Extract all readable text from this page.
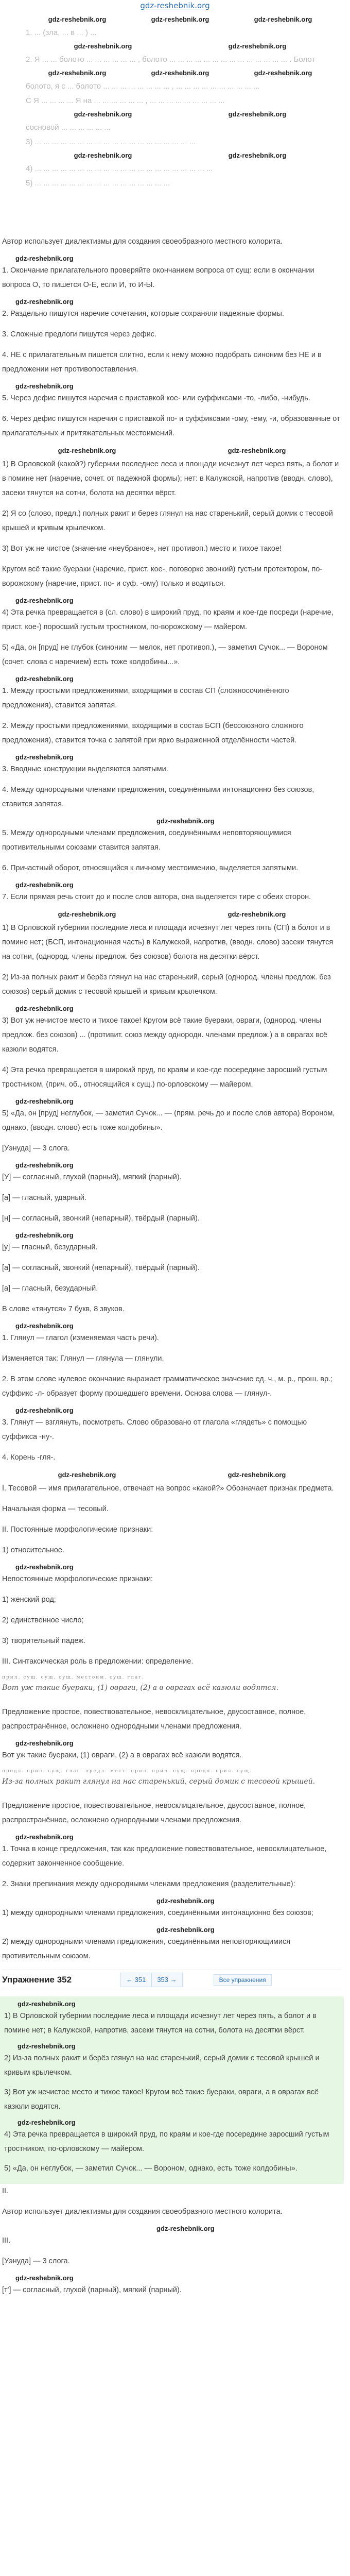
gdz-reshebnik.org
gdz-reshebnik.org	gdz-reshebnik.org	gdz-reshebnik.org

1. ... (зла, ... в ... ) ...

gdz-reshebnik.org	gdz-reshebnik.org

2. Я ... ... болото ... ... ... ... ... ... , болото ... ... ... ... ... ... ... ... ... ... ... ... ... ... . Болот

gdz-reshebnik.org	gdz-reshebnik.org	gdz-reshebnik.org

болото, я с ... болото ... ... ... ... ... ... ... ... , ... ... ... ... ... ... ... ... ... ...

С Я ... ... ... ... Я на ... ... ... ... ... ... , ... ... ... ... ... ... ... ... ...

gdz-reshebnik.org	gdz-reshebnik.org

сосновой ... ... ... ... ... ...

3) ... ... ... ... ... ... ... ... ... ... ... ... ... ... ... ... ... ... ...

gdz-reshebnik.org	gdz-reshebnik.org

4) ... ... ... ... ... ... ... ... ... ... ... ... ... ... ... ... ... ... ... ... ...

5) ... ... ... ... ... ... ... ... ... ... ... ... ... ... ... ...

Автор использует диалектизмы для создания своеобразного местного колорита.

gdz-reshebnik.org

1. Окончание прилагательного проверяйте окончанием вопроса от сущ: если в окончании вопроса О, то пишется О-Е, если И, то И-Ы.

gdz-reshebnik.org

2. Раздельно пишутся наречие сочетания, которые сохраняли падежные формы.

3. Сложные предлоги пишутся через дефис.

4. НЕ с прилагательным пишется слитно, если к нему можно подобрать синоним без НЕ и в предложении нет противопоставления.

gdz-reshebnik.org

5. Через дефис пишутся наречия с приставкой кое- или суффиксами -то, -либо, -нибудь.

6. Через дефис пишутся наречия с приставкой по- и суффиксами -ому, -ему, -и, образованные от прилагательных и притяжательных местоимений.

gdz-reshebnik.org	gdz-reshebnik.org

1) В Орловской (какой?) губернии последнее леса и площади исчезнут лет через пять, а болот и в помине нет (наречие, сочет. от падежной формы); нет: в Калужской, напротив (вводн. слово), засеки тянутся на сотни, болота на десятки вёрст.

2) Я со (слово, предл.) полных ракит и берез глянул на нас старенький, серый домик с тесовой крышей и кривым крылечком.

3) Вот уж не чистое (значение «неубраное», нет противоп.) место и тихое такое!

Кругом всё такие буераки (наречие, прист. кое-, поговорке звонкий) густым протектором, по-ворожскому (наречие, прист. по- и суф. -ому) только и водиться.

gdz-reshebnik.org

4) Эта речка превращается в (сл. слово) в широкий пруд, по краям и кое-где посреди (наречие, прист. кое-) поросший густым тростником, по-ворожскому — майером.

5) «Да, он [пруд] не глубок (синоним — мелок, нет противоп.), — заметил Сучок... — Вороном (сочет. слова с наречием) есть тоже колдобины...».

gdz-reshebnik.org

1. Между простыми предложениями, входящими в состав СП (сложносочинённого предложения), ставится запятая.

2. Между простыми предложениями, входящими в состав БСП (бессоюзного сложного предложения), ставится точка с запятой при ярко выраженной отделённости частей.

gdz-reshebnik.org

3. Вводные конструкции выделяются запятыми.

4. Между однородными членами предложения, соединёнными интонационно без союзов, ставится запятая.

gdz-reshebnik.org

5. Между однородными членами предложения, соединёнными неповторяющимися противительными союзами ставится запятая.

6. Причастный оборот, относящийся к личному местоимению, выделяется запятыми.

gdz-reshebnik.org

7. Если прямая речь стоит до и после слов автора, она выделяется тире с обеих сторон.

gdz-reshebnik.org	gdz-reshebnik.org

1) В Орловской губернии последние леса и площади исчезнут лет через пять (СП) а болот и в помине нет; (БСП, интонационная часть) в Калужской, напротив, (вводн. слово) засеки тянутся на сотни, (однород. члены предлож. без союзов) болота на десятки вёрст.

2) Из-за полных ракит и берёз глянул на нас старенький, серый (однород. члены предлож. без союзов) серый домик с тесовой крышей и кривым крылечком.

gdz-reshebnik.org

3) Вот уж нечистое место и тихое такое! Кругом всё такие буераки, овраги, (однород. члены предлож. без союзов) ... (противит. союз между однородн. членами предлож.) а в оврагах всё казюли водятся.

4) Эта речка превращается в широкий пруд, по краям и кое-где посередине заросший густым тростником, (прич. об., относящийся к сущ.) по-орловскому — майером.

gdz-reshebnik.org

5) «Да, он [пруд] неглубок, — заметил Сучок... — (прям. речь до и после слов автора) Вороном, однако, (вводн. слово) есть тоже колдобины».

[Уэнуда] — 3 слога.

gdz-reshebnik.org

[У] — согласный, глухой (парный), мягкий (парный).

[а] — гласный, ударный.

[н] — согласный, звонкий (непарный), твёрдый (парный).

gdz-reshebnik.org

[у] — гласный, безударный.

[а] — согласный, звонкий (непарный), твёрдый (парный).

[а] — гласный, безударный.

В слове «тянутся» 7 букв, 8 звуков.

gdz-reshebnik.org

1. Глянул — глагол (изменяемая часть речи).

Изменяется так: Глянул — глянула — глянули.

2. В этом слове нулевое окончание выражает грамматическое значение ед. ч., м. р., прош. вр.; суффикс -л- образует форму прошедшего времени. Основа слова — глянул-.

gdz-reshebnik.org

3. Глянут — взглянуть, посмотреть. Слово образовано от глагола «глядеть» с помощью суффикса -ну-.

4. Корень -гля-.

gdz-reshebnik.org	gdz-reshebnik.org

I. Тесовой — имя прилагательное, отвечает на вопрос «какой?» Обозначает признак предмета.

Начальная форма — тесовый.

II. Постоянные морфологические признаки:

1) относительное.

gdz-reshebnik.org

Непостоянные морфологические признаки:

1) женский род;

2) единственное число;

3) творительный падеж.

III. Синтаксическая роль в предложении: определение.

прил. сущ. сущ. сущ. местоим. сущ. глаг.
Вот уж такие буераки, (1) овраги, (2) а в оврагах всё казюли водятся.

Предложение простое, повествовательное, невосклицательное, двусоставное, полное, распространённое, осложнено однородными членами предложения.

gdz-reshebnik.org

Вот уж такие буераки, (1) овраги, (2) а в оврагах всё казюли водятся.

предл. прил. сущ. глаг. предл. мест. прил. прил. сущ. предл. прил. сущ.
Из-за полных ракит глянул на нас старенький, серый домик с тесовой крышей.

Предложение простое, повествовательное, невосклицательное, двусоставное, полное, распространённое, осложнено однородными членами предложения.

gdz-reshebnik.org

1. Точка в конце предложения, так как предложение повествовательное, невосклицательное, содержит законченное сообщение.

2. Знаки препинания между однородными членами предложения (разделительные):

gdz-reshebnik.org

1) между однородными членами предложения, соединёнными интонационно без союзов;

gdz-reshebnik.org

2) между однородными членами предложения, соединёнными неповторяющимися противительным союзом.

Упражнение 352	← 351	353 →	Все упражнения
gdz-reshebnik.org

1) В Орловской губернии последние леса и площади исчезнут лет через пять, а болот и в помине нет; в Калужской, напротив, засеки тянутся на сотни, болота на десятки вёрст.

gdz-reshebnik.org

2) Из-за полных ракит и берёз глянул на нас старенький, серый домик с тесовой крышей и кривым крылечком.

3) Вот уж нечистое место и тихое такое! Кругом всё такие буераки, овраги, а в оврагах всё казюли водятся.

gdz-reshebnik.org

4) Эта речка превращается в широкий пруд, по краям и кое-где посередине заросший густым тростником, по-орловскому — майером.

5) «Да, он неглубок, — заметил Сучок... — Вороном, однако, есть тоже колдобины».

II.

Автор использует диалектизмы для создания своеобразного местного колорита.

gdz-reshebnik.org

III.

[Уэнуда] — 3 слога.

gdz-reshebnik.org

[т'] — согласный, глухой (парный), мягкий (парный).
